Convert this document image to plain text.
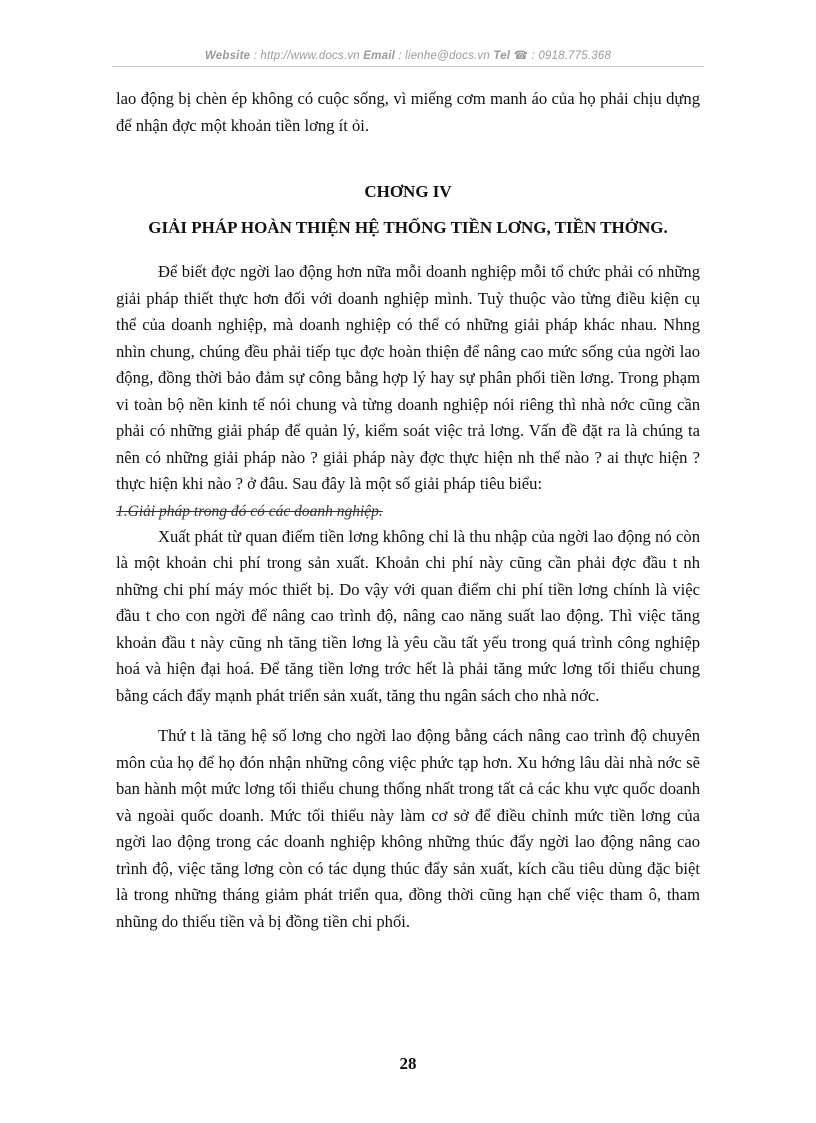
Website : http://www.docs.vn Email : lienhe@docs.vn Tel ☎ : 0918.775.368

lao động bị chèn ép không có cuộc sống, vì miếng cơm manh áo của họ phải chịu dựng để nhận đợc một khoản tiền lơng ít ỏi.

CHƠNG IV
GIẢI PHÁP HOÀN THIỆN HỆ THỐNG TIỀN LƠNG, TIỀN THỞNG.

Để biết đợc ngời lao động hơn nữa mỗi doanh nghiệp mỗi tổ chức phải có những giải pháp thiết thực hơn đối với doanh nghiệp mình. Tuỳ thuộc vào từng điều kiện cụ thể của doanh nghiệp, mà doanh nghiệp có thể có những giải pháp khác nhau. Nhng nhìn chung, chúng đều phải tiếp tục đợc hoàn thiện để nâng cao mức sống của ngời lao động, đồng thời bảo đảm sự công bằng hợp lý hay sự phân phối tiền lơng. Trong phạm vi toàn bộ nền kinh tế nói chung và từng doanh nghiệp nói riêng thì nhà nớc cũng cần phải có những giải pháp để quản lý, kiểm soát việc trả lơng. Vấn đề đặt ra là chúng ta nên có những giải pháp nào ? giải pháp này đợc thực hiện nh thế nào ? ai thực hiện ? thực hiện khi nào ? ở đâu. Sau đây là một số giải pháp tiêu biểu:

1.Giải pháp trong đó có các doanh nghiệp.

Xuất phát từ quan điểm tiền lơng không chỉ là thu nhập của ngời lao động nó còn là một khoản chi phí trong sản xuất. Khoản chi phí này cũng cần phải đợc đầu t nh những chi phí máy móc thiết bị. Do vậy với quan điểm chi phí tiền lơng chính là việc đầu t cho con ngời để nâng cao trình độ, nâng cao năng suất lao động. Thì việc tăng khoản đầu t này cũng nh tăng tiền lơng là yêu cầu tất yếu trong quá trình công nghiệp hoá và hiện đại hoá. Để tăng tiền lơng trớc hết là phải tăng mức lơng tối thiểu chung bằng cách đẩy mạnh phát triển sản xuất, tăng thu ngân sách cho nhà nớc.

Thứ t là tăng hệ số lơng cho ngời lao động bằng cách nâng cao trình độ chuyên môn của họ để họ đón nhận những công việc phức tạp hơn. Xu hớng lâu dài nhà nớc sẽ ban hành một mức lơng tối thiểu chung thống nhất trong tất cả các khu vực quốc doanh và ngoài quốc doanh. Mức tối thiểu này làm cơ sở để điều chỉnh mức tiền lơng của ngời lao động trong các doanh nghiệp không những thúc đẩy ngời lao động nâng cao trình độ, việc tăng lơng còn có tác dụng thúc đẩy sản xuất, kích cầu tiêu dùng đặc biệt là trong những tháng giảm phát triển qua, đồng thời cũng hạn chế việc tham ô, tham nhũng do thiếu tiền và bị đồng tiền chi phối.

28
